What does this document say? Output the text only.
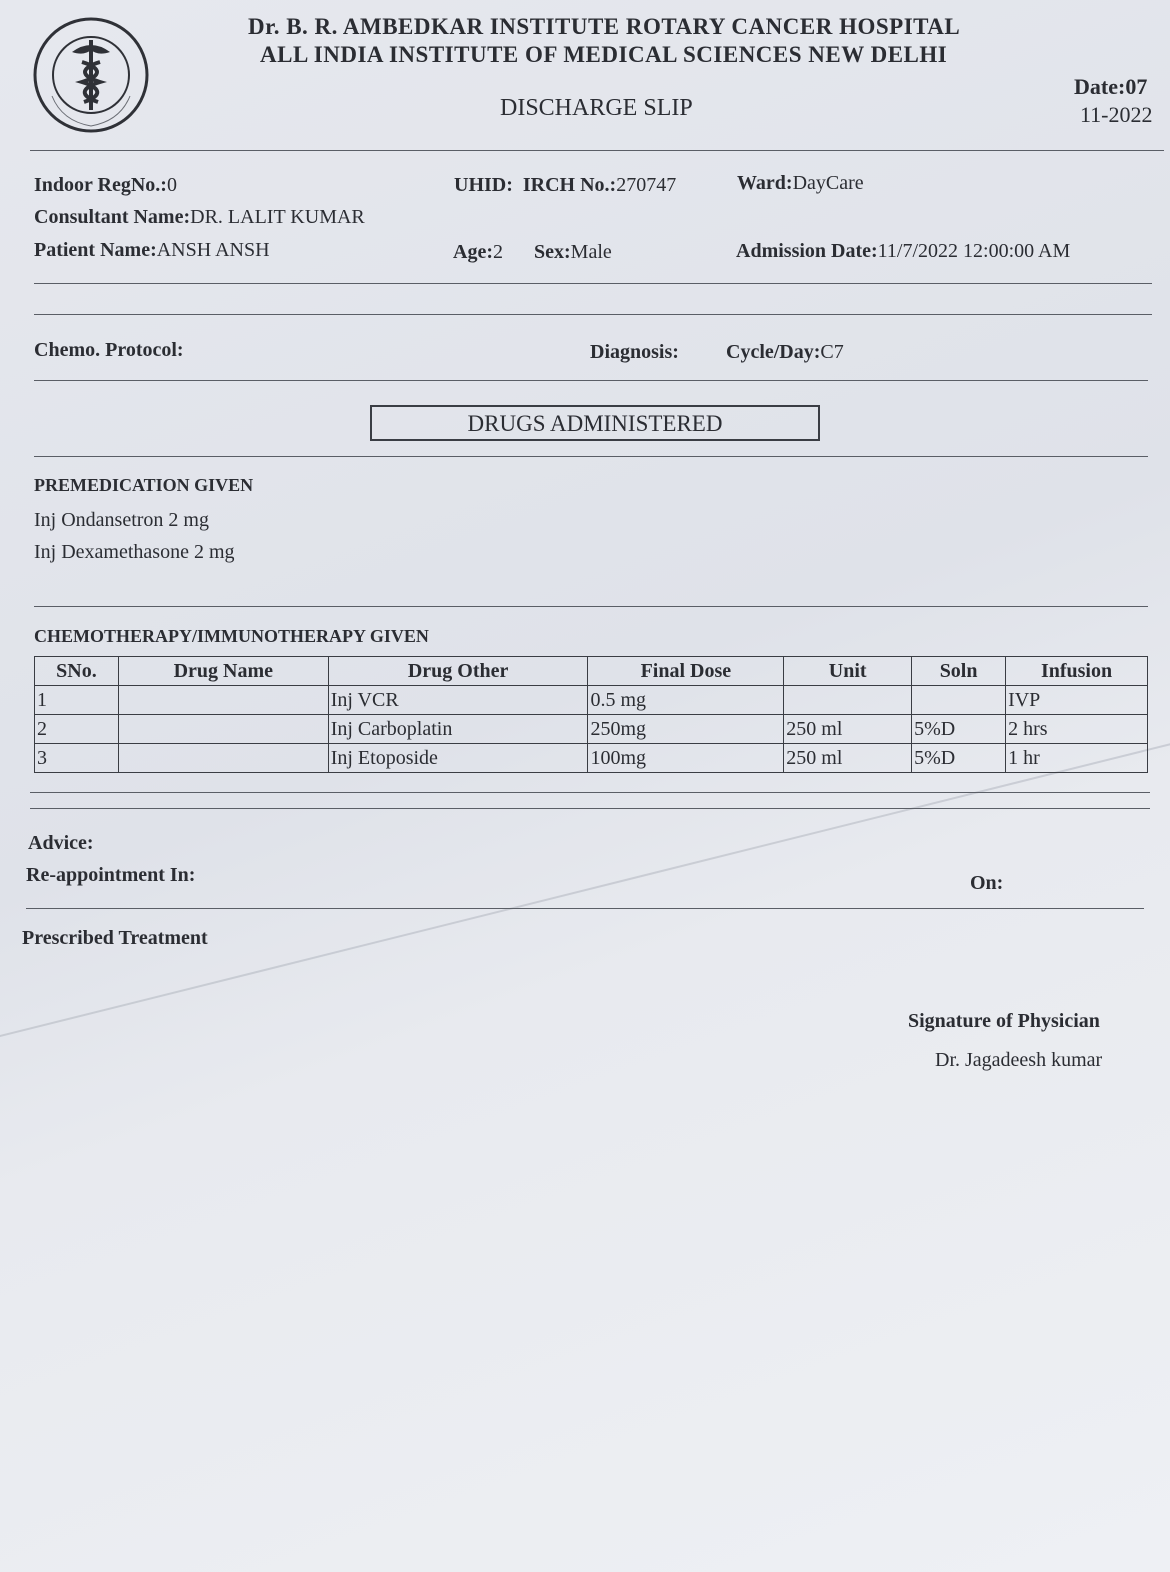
Dr. B. R. AMBEDKAR INSTITUTE ROTARY CANCER HOSPITAL
ALL INDIA INSTITUTE OF MEDICAL SCIENCES NEW DELHI
DISCHARGE SLIP
Date:07
11-2022
Indoor RegNo.:0	UHID: IRCH No.:270747	Ward:DayCare
Consultant Name:DR. LALIT KUMAR
Patient Name:ANSH ANSH	Age:2 Sex:Male	Admission Date:11/7/2022 12:00:00 AM
Chemo. Protocol:	Diagnosis: Cycle/Day:C7
DRUGS ADMINISTERED
PREMEDICATION GIVEN
Inj Ondansetron 2 mg
Inj Dexamethasone 2 mg
CHEMOTHERAPY/IMMUNOTHERAPY GIVEN
SNo.	Drug Name	Drug Other	Final Dose	Unit	Soln	Infusion
1		Inj VCR	0.5 mg			IVP
2		Inj Carboplatin	250mg	250 ml	5%D	2 hrs
3		Inj Etoposide	100mg	250 ml	5%D	1 hr
Advice:
Re-appointment In:	On:
Prescribed Treatment
Signature of Physician
Dr. Jagadeesh kumar
